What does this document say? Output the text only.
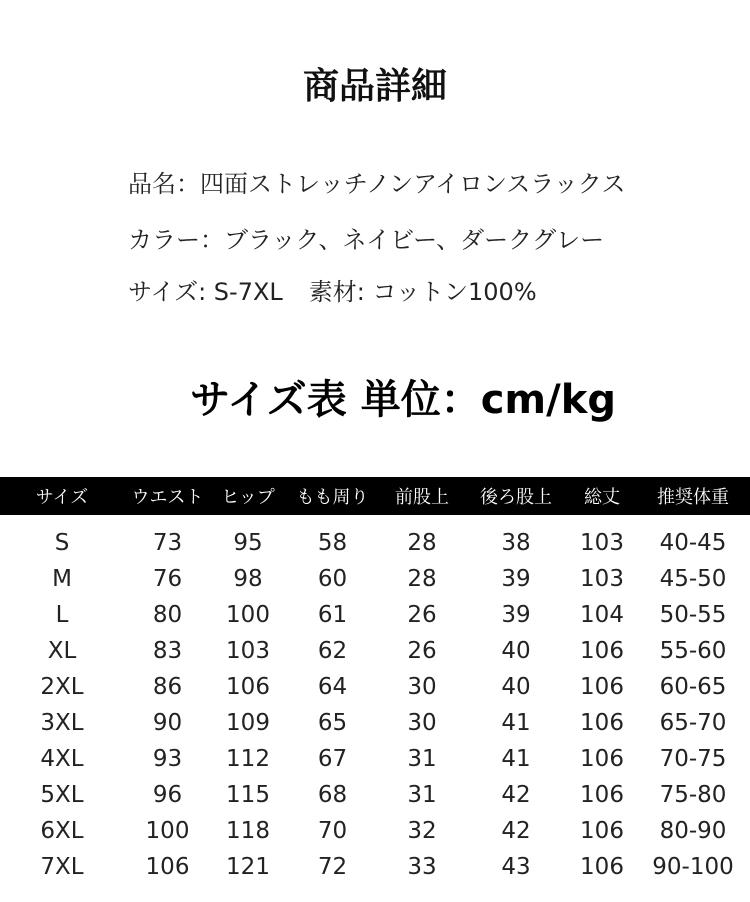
商品詳細
品名：四面ストレッチノンアイロンスラックス
カラー：ブラック、ネイビー、ダークグレー
サイズ: S-7XL 素材: コットン100%
サイズ表 単位：cm/kg
サイズ	ウエスト	ヒップ	もも周り	前股上	後ろ股上	総丈	推奨体重
S	73	95	58	28	38	103	40-45
M	76	98	60	28	39	103	45-50
L	80	100	61	26	39	104	50-55
XL	83	103	62	26	40	106	55-60
2XL	86	106	64	30	40	106	60-65
3XL	90	109	65	30	41	106	65-70
4XL	93	112	67	31	41	106	70-75
5XL	96	115	68	31	42	106	75-80
6XL	100	118	70	32	42	106	80-90
7XL	106	121	72	33	43	106	90-100
